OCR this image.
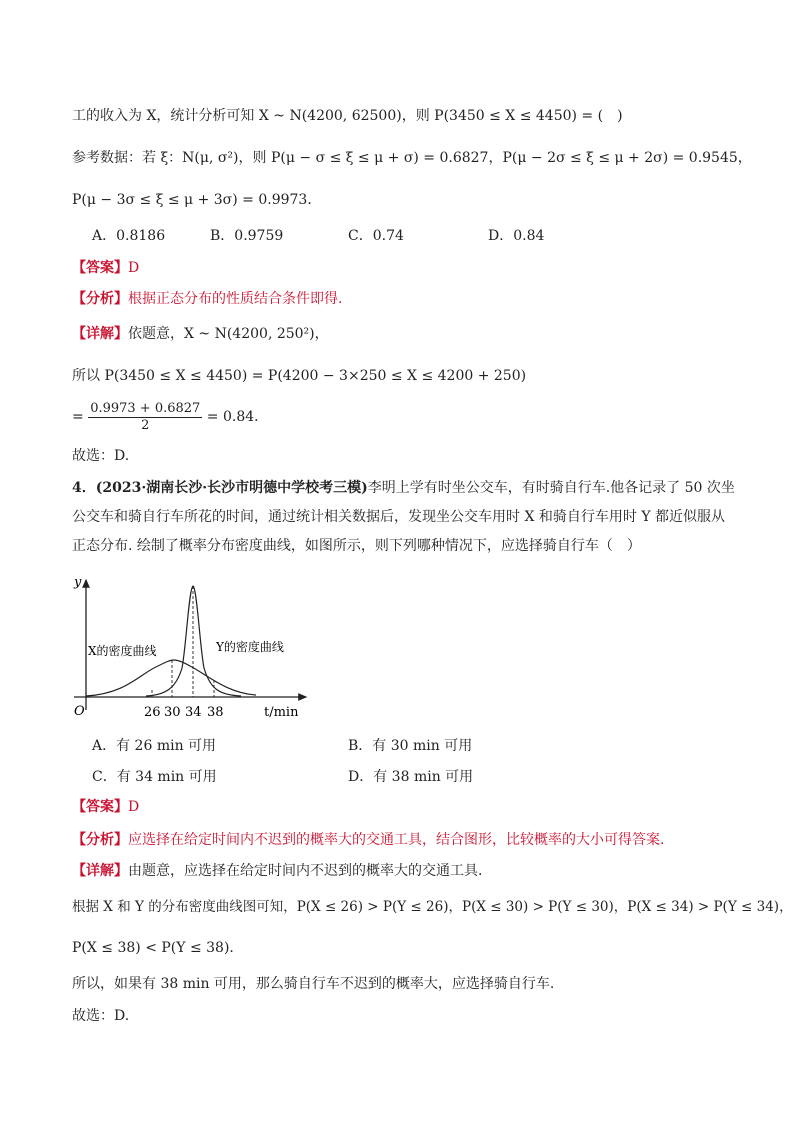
工的收入为 X，统计分析可知 X ~ N(4200, 62500)，则 P(3450 ≤ X ≤ 4450) = (　)
参考数据：若 ξ：N(μ, σ²)，则 P(μ − σ ≤ ξ ≤ μ + σ) = 0.6827，P(μ − 2σ ≤ ξ ≤ μ + 2σ) = 0.9545，
P(μ − 3σ ≤ ξ ≤ μ + 3σ) = 0.9973．
A．0.8186	B．0.9759	C．0.74	D．0.84
【答案】D
【分析】根据正态分布的性质结合条件即得.
【详解】依题意，X ~ N(4200, 250²)，
所以 P(3450 ≤ X ≤ 4450) = P(4200 − 3×250 ≤ X ≤ 4200 + 250)
= $\frac{0.9973 + 0.6827}{2} = 0.84$．
故选：D.
4．(2023·湖南长沙·长沙市明德中学校考三模)李明上学有时坐公交车，有时骑自行车.他各记录了 50 次坐
公交车和骑自行车所花的时间，通过统计相关数据后，发现坐公交车用时 X 和骑自行车用时 Y 都近似服从
正态分布. 绘制了概率分布密度曲线，如图所示，则下列哪种情况下，应选择骑自行车（　）
y
O	t/min
26 30 34 38
X的密度曲线	Y的密度曲线
A．有 26 min 可用	B．有 30 min 可用
C．有 34 min 可用	D．有 38 min 可用
【答案】D
【分析】应选择在给定时间内不迟到的概率大的交通工具，结合图形，比较概率的大小可得答案.
【详解】由题意，应选择在给定时间内不迟到的概率大的交通工具.
根据 X 和 Y 的分布密度曲线图可知，P(X ≤ 26) > P(Y ≤ 26)，P(X ≤ 30) > P(Y ≤ 30)，P(X ≤ 34) > P(Y ≤ 34)，
P(X ≤ 38) < P(Y ≤ 38).
所以，如果有 38 min 可用，那么骑自行车不迟到的概率大，应选择骑自行车.
故选：D.
